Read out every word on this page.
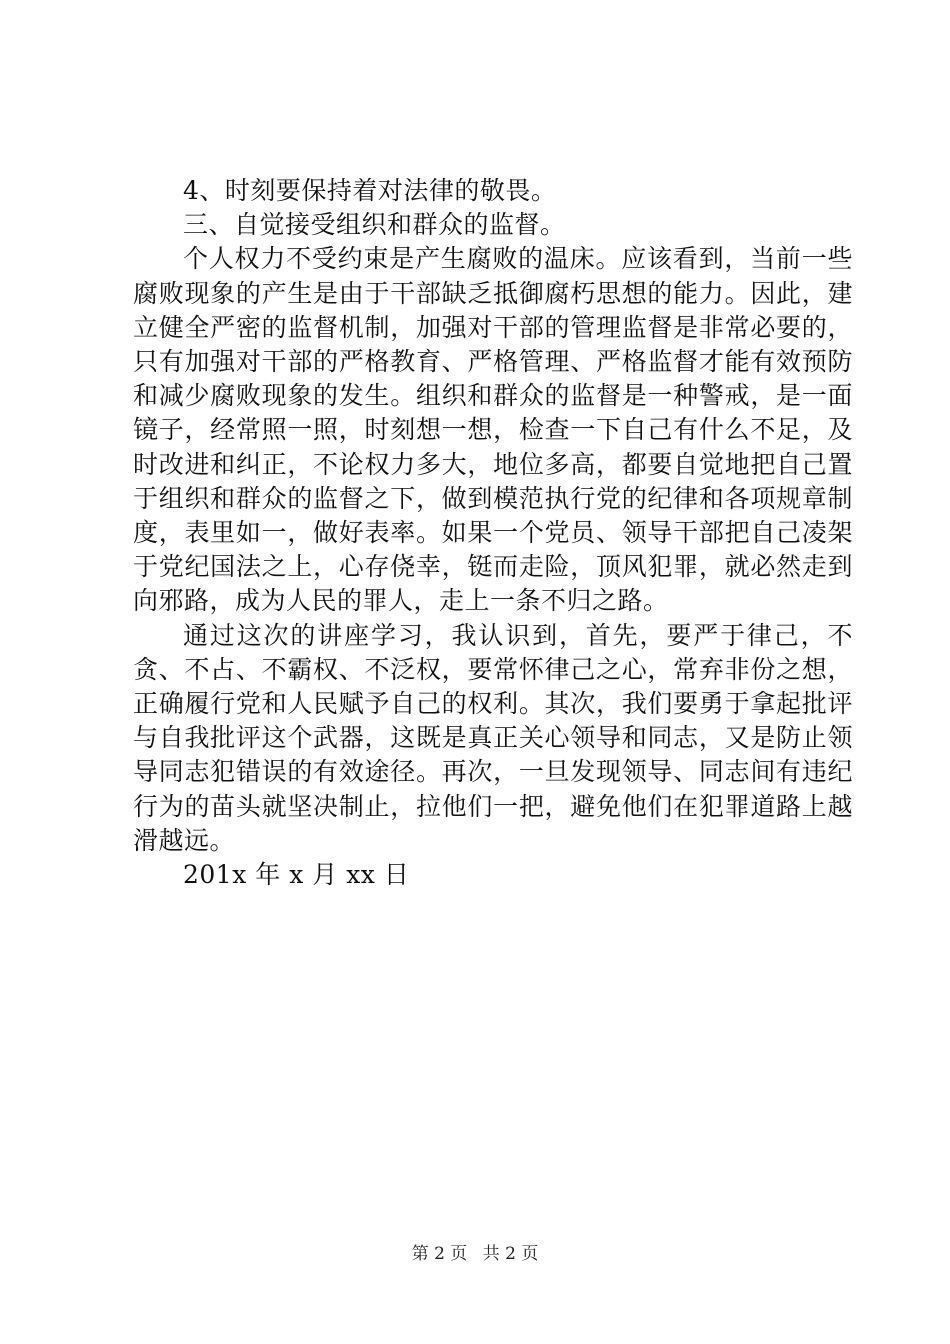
4、时刻要保持着对法律的敬畏。

三、自觉接受组织和群众的监督。

个人权力不受约束是产生腐败的温床。应该看到，当前一些腐败现象的产生是由于干部缺乏抵御腐朽思想的能力。因此，建立健全严密的监督机制，加强对干部的管理监督是非常必要的，只有加强对干部的严格教育、严格管理、严格监督才能有效预防和减少腐败现象的发生。组织和群众的监督是一种警戒，是一面镜子，经常照一照，时刻想一想，检查一下自己有什么不足，及时改进和纠正，不论权力多大，地位多高，都要自觉地把自己置于组织和群众的监督之下，做到模范执行党的纪律和各项规章制度，表里如一，做好表率。如果一个党员、领导干部把自己凌架于党纪国法之上，心存侥幸，铤而走险，顶风犯罪，就必然走到向邪路，成为人民的罪人，走上一条不归之路。

通过这次的讲座学习，我认识到，首先，要严于律己，不贪、不占、不霸权、不泛权，要常怀律己之心，常弃非份之想，正确履行党和人民赋予自己的权利。其次，我们要勇于拿起批评与自我批评这个武器，这既是真正关心领导和同志，又是防止领导同志犯错误的有效途径。再次，一旦发现领导、同志间有违纪行为的苗头就坚决制止，拉他们一把，避免他们在犯罪道路上越滑越远。

201x 年 x 月 xx 日

第 2 页 共 2 页
